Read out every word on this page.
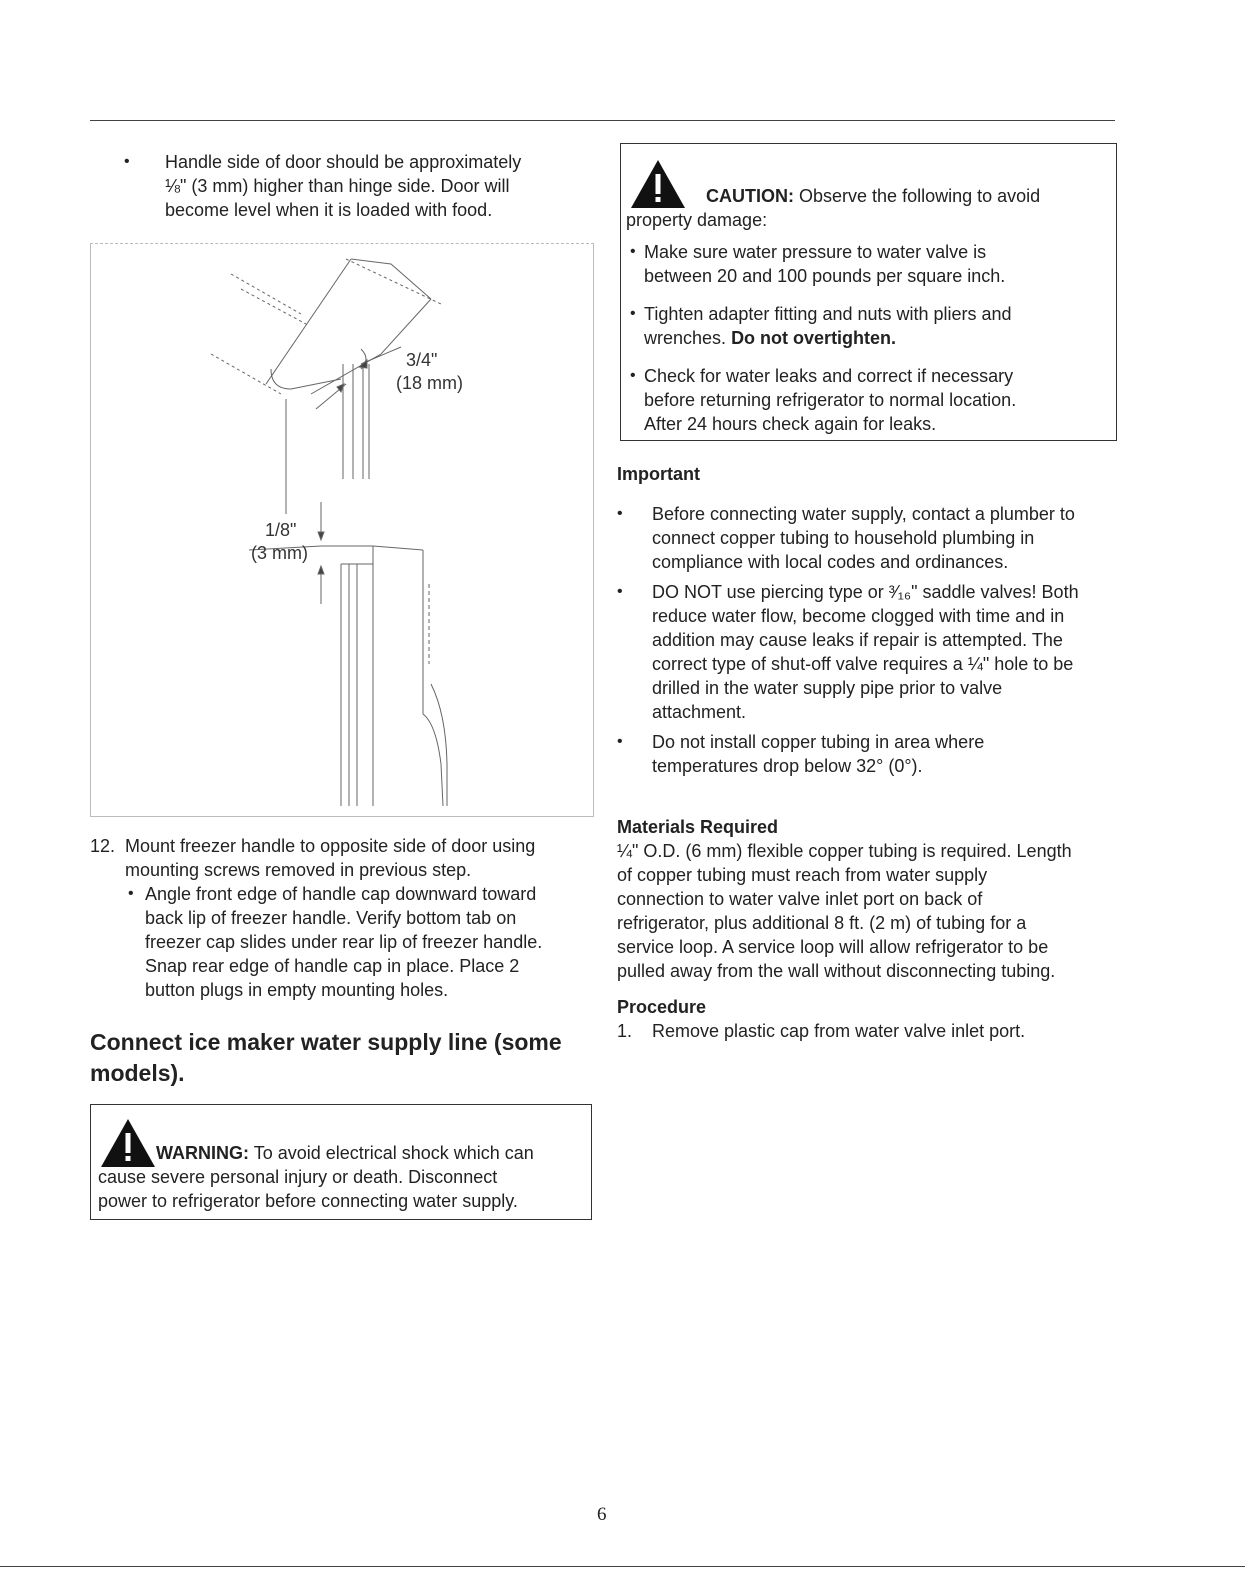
• Handle side of door should be approximately
⅛" (3 mm) higher than hinge side. Door will
become level when it is loaded with food.
3/4"
(18 mm)
1/8"
(3 mm)
12. Mount freezer handle to opposite side of door using
mounting screws removed in previous step.
• Angle front edge of handle cap downward toward
back lip of freezer handle. Verify bottom tab on
freezer cap slides under rear lip of freezer handle.
Snap rear edge of handle cap in place. Place 2
button plugs in empty mounting holes.
Connect ice maker water supply line (some
models).
WARNING: To avoid electrical shock which can
cause severe personal injury or death. Disconnect
power to refrigerator before connecting water supply.
CAUTION: Observe the following to avoid
property damage:
• Make sure water pressure to water valve is
between 20 and 100 pounds per square inch.
• Tighten adapter fitting and nuts with pliers and
wrenches. Do not overtighten.
• Check for water leaks and correct if necessary
before returning refrigerator to normal location.
After 24 hours check again for leaks.
Important
• Before connecting water supply, contact a plumber to
connect copper tubing to household plumbing in
compliance with local codes and ordinances.
• DO NOT use piercing type or ³⁄₁₆" saddle valves! Both
reduce water flow, become clogged with time and in
addition may cause leaks if repair is attempted. The
correct type of shut-off valve requires a ¼" hole to be
drilled in the water supply pipe prior to valve
attachment.
• Do not install copper tubing in area where
temperatures drop below 32° (0°).
Materials Required
¼" O.D. (6 mm) flexible copper tubing is required. Length
of copper tubing must reach from water supply
connection to water valve inlet port on back of
refrigerator, plus additional 8 ft. (2 m) of tubing for a
service loop. A service loop will allow refrigerator to be
pulled away from the wall without disconnecting tubing.
Procedure
1. Remove plastic cap from water valve inlet port.
6
